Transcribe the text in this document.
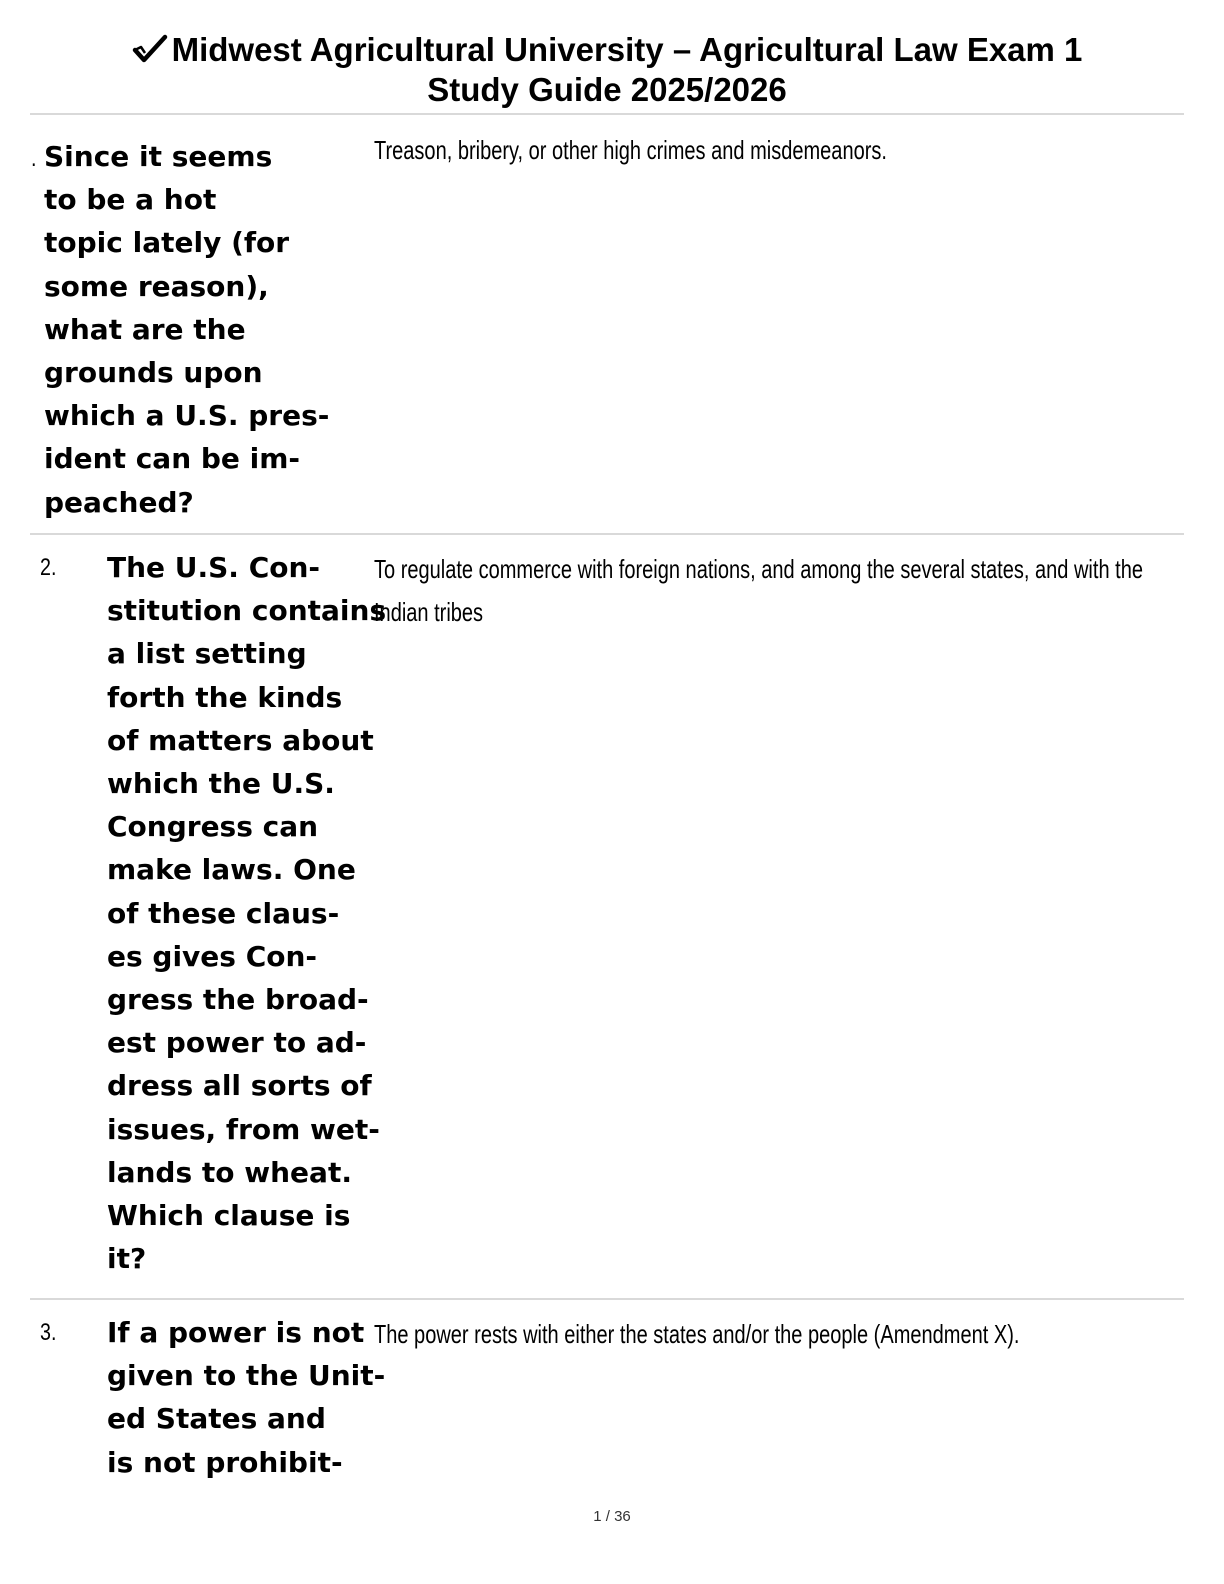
Midwest Agricultural University – Agricultural Law Exam 1
Study Guide 2025/2026
. Since it seems
to be a hot
topic lately (for
some reason),
what are the
grounds upon
which a U.S. pres-
ident can be im-
peached?
Treason, bribery, or other high crimes and misdemeanors.
2. The U.S. Con-
stitution contains
a list setting
forth the kinds
of matters about
which the U.S.
Congress can
make laws. One
of these claus-
es gives Con-
gress the broad-
est power to ad-
dress all sorts of
issues, from wet-
lands to wheat.
Which clause is
it?
To regulate commerce with foreign nations, and among the several states, and with the Indian tribes
3. If a power is not
given to the Unit-
ed States and
is not prohibit-
The power rests with either the states and/or the people (Amendment X).
1 / 36
